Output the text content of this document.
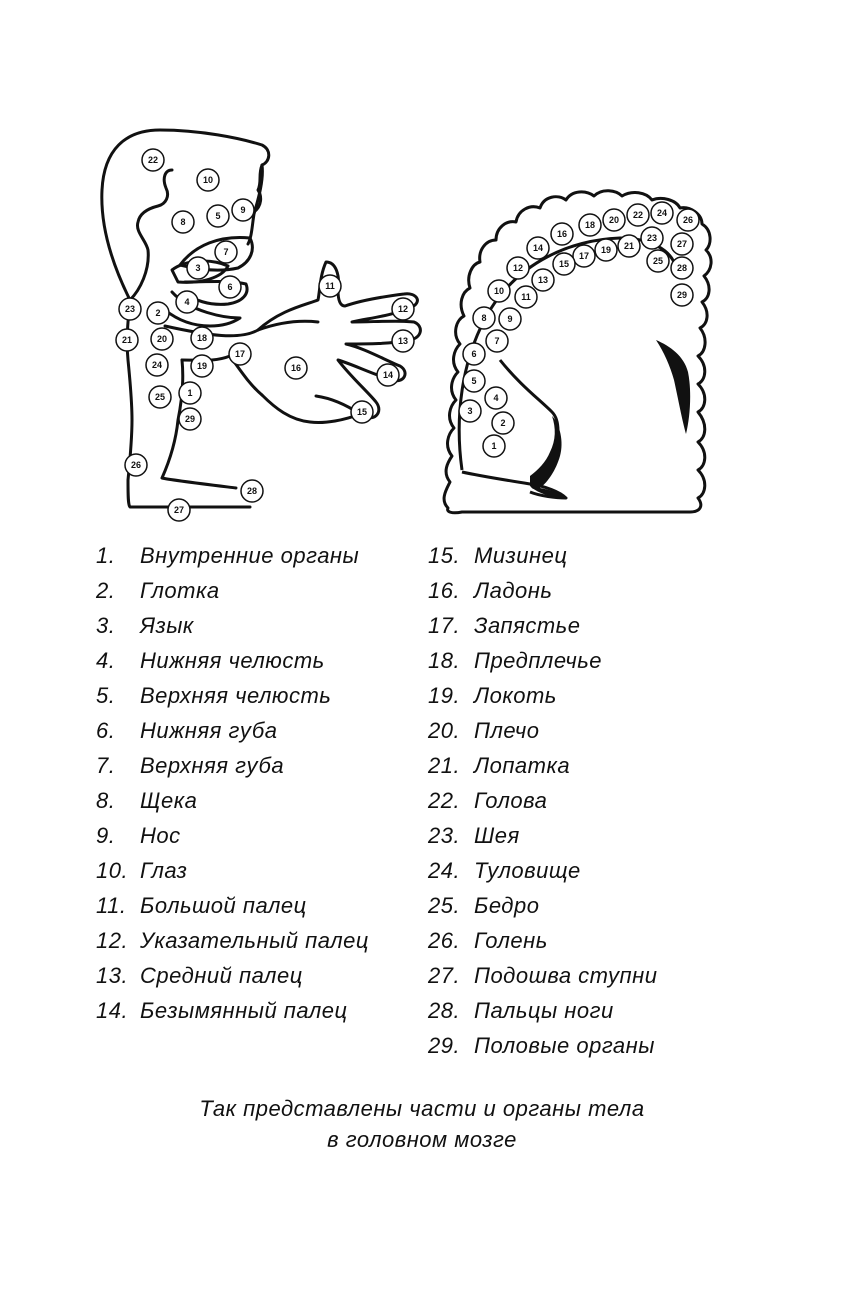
22
10
9
8
5
7
3
6
4
11
12
13
14
15
16
17
18
19
20
2
23
21
24
25 1
29
26
28
27
18 20 22 24
26
16
14
17
19 21
23
27
15
12
13
25
28
10
11	29
8 9
7
6
5
4
3
2
1
1.	Внутренние органы
2.	Глотка
3.	Язык
4.	Нижняя челюсть
5.	Верхняя челюсть
6.	Нижняя губа
7.	Верхняя губа
8.	Щека
9.	Нос
10. Глаз
11. Большой палец
12. Указательный палец
13. Средний палец
14. Безымянный палец
15. Мизинец
16. Ладонь
17. Запястье
18. Предплечье
19. Локоть
20. Плечо
21. Лопатка
22. Голова
23. Шея
24. Туловище
25. Бедро
26. Голень
27. Подошва ступни
28. Пальцы ноги
29. Половые органы
Так представлены части и органы тела
в головном мозге
